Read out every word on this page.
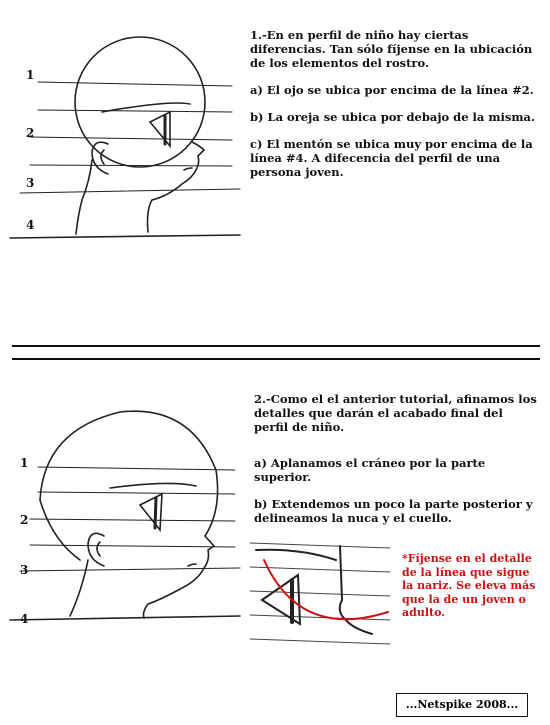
1
2
3
4

1.-En en perfil de niño hay ciertas diferencias. Tan sólo fíjense en la ubicación de los elementos del rostro.

a) El ojo se ubica por encima de la línea #2.

b) La oreja se ubica por debajo de la misma.

c) El mentón se ubica muy por encima de la línea #4. A difecencia del perfil de una persona joven.

1
2
3
4

2.-Como el el anterior tutorial, afinamos los detalles que darán el acabado final del perfil de niño.

a) Aplanamos el cráneo por la parte superior.

b) Extendemos un poco la parte posterior y delineamos la nuca y el cuello.

*Fíjense en el detalle de la línea que sigue la nariz. Se eleva más que la de un joven o adulto.
...Netspike 2008...
